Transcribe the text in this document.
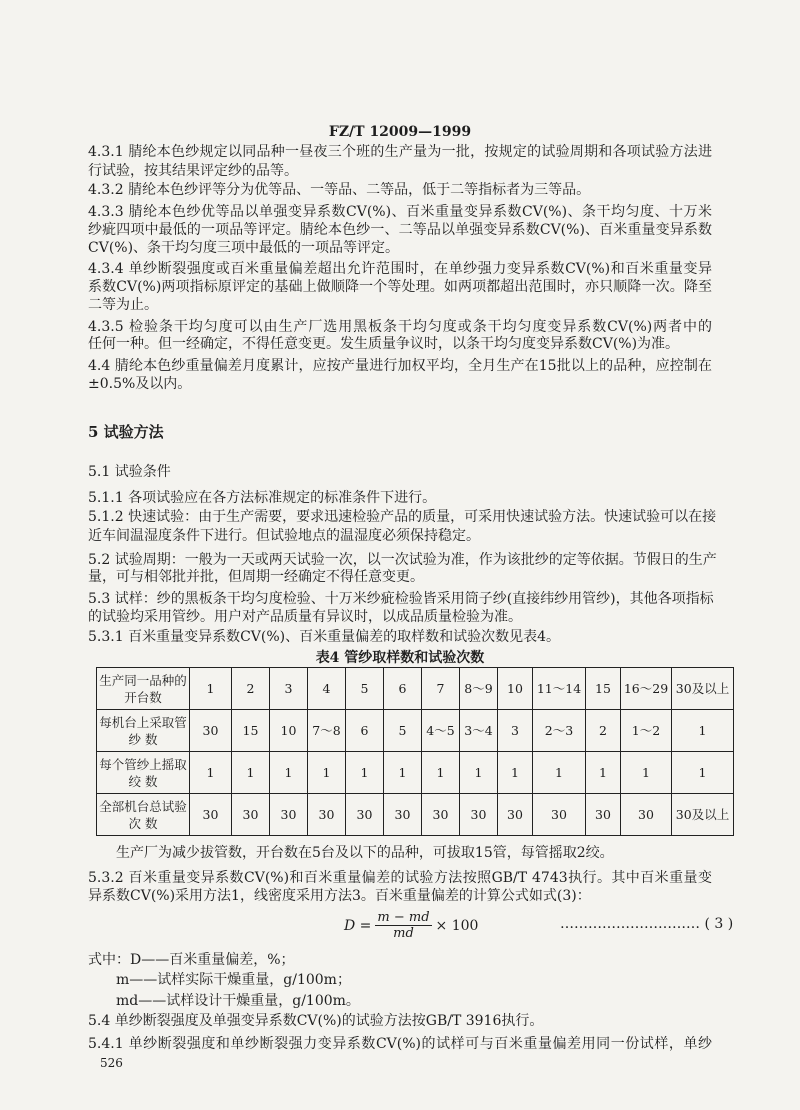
FZ/T 12009—1999
4.3.1 腈纶本色纱规定以同品种一昼夜三个班的生产量为一批，按规定的试验周期和各项试验方法进
行试验，按其结果评定纱的品等。
4.3.2 腈纶本色纱评等分为优等品、一等品、二等品，低于二等指标者为三等品。
4.3.3 腈纶本色纱优等品以单强变异系数CV(%)、百米重量变异系数CV(%)、条干均匀度、十万米
纱疵四项中最低的一项品等评定。腈纶本色纱一、二等品以单强变异系数CV(%)、百米重量变异系数
CV(%)、条干均匀度三项中最低的一项品等评定。
4.3.4 单纱断裂强度或百米重量偏差超出允许范围时，在单纱强力变异系数CV(%)和百米重量变异
系数CV(%)两项指标原评定的基础上做顺降一个等处理。如两项都超出范围时，亦只顺降一次。降至
二等为止。
4.3.5 检验条干均匀度可以由生产厂选用黑板条干均匀度或条干均匀度变异系数CV(%)两者中的
任何一种。但一经确定，不得任意变更。发生质量争议时，以条干均匀度变异系数CV(%)为准。
4.4 腈纶本色纱重量偏差月度累计，应按产量进行加权平均，全月生产在15批以上的品种，应控制在
±0.5%及以内。
5 试验方法
5.1 试验条件
5.1.1 各项试验应在各方法标准规定的标准条件下进行。
5.1.2 快速试验：由于生产需要，要求迅速检验产品的质量，可采用快速试验方法。快速试验可以在接
近车间温湿度条件下进行。但试验地点的温湿度必须保持稳定。
5.2 试验周期：一般为一天或两天试验一次，以一次试验为准，作为该批纱的定等依据。节假日的生产
量，可与相邻批并批，但周期一经确定不得任意变更。
5.3 试样：纱的黑板条干均匀度检验、十万米纱疵检验皆采用筒子纱(直接纬纱用管纱)，其他各项指标
的试验均采用管纱。用户对产品质量有异议时，以成品质量检验为准。
5.3.1 百米重量变异系数CV(%)、百米重量偏差的取样数和试验次数见表4。
生产厂为减少拔管数，开台数在5台及以下的品种，可拔取15管，每管摇取2绞。
5.3.2 百米重量变异系数CV(%)和百米重量偏差的试验方法按照GB/T 4743执行。其中百米重量变
异系数CV(%)采用方法1，线密度采用方法3。百米重量偏差的计算公式如式(3)：
式中：D——百米重量偏差，%；
m——试样实际干燥重量，g/100m；
md——试样设计干燥重量，g/100m。
5.4 单纱断裂强度及单强变异系数CV(%)的试验方法按GB/T 3916执行。
5.4.1 单纱断裂强度和单纱断裂强力变异系数CV(%)的试样可与百米重量偏差用同一份试样，单纱
表4 管纱取样数和试验次数
生产同一品种的
开台数	1	2	3	4	5	6	7	8～9	10	11～14	15	16～29	30及以上

每机台上采取管
纱 数	30	15	10	7～8	6	5	4～5	3～4	3	2～3	2	1～2	1

每个管纱上摇取
绞 数	1	1	1	1	1	1	1	1	1	1	1	1	1

全部机台总试验
次 数	30	30	30	30	30	30	30	30	30	30	30	30	30及以上
$D = \frac{m - md}{md} \times 100$	………………………… ( 3 )
526
